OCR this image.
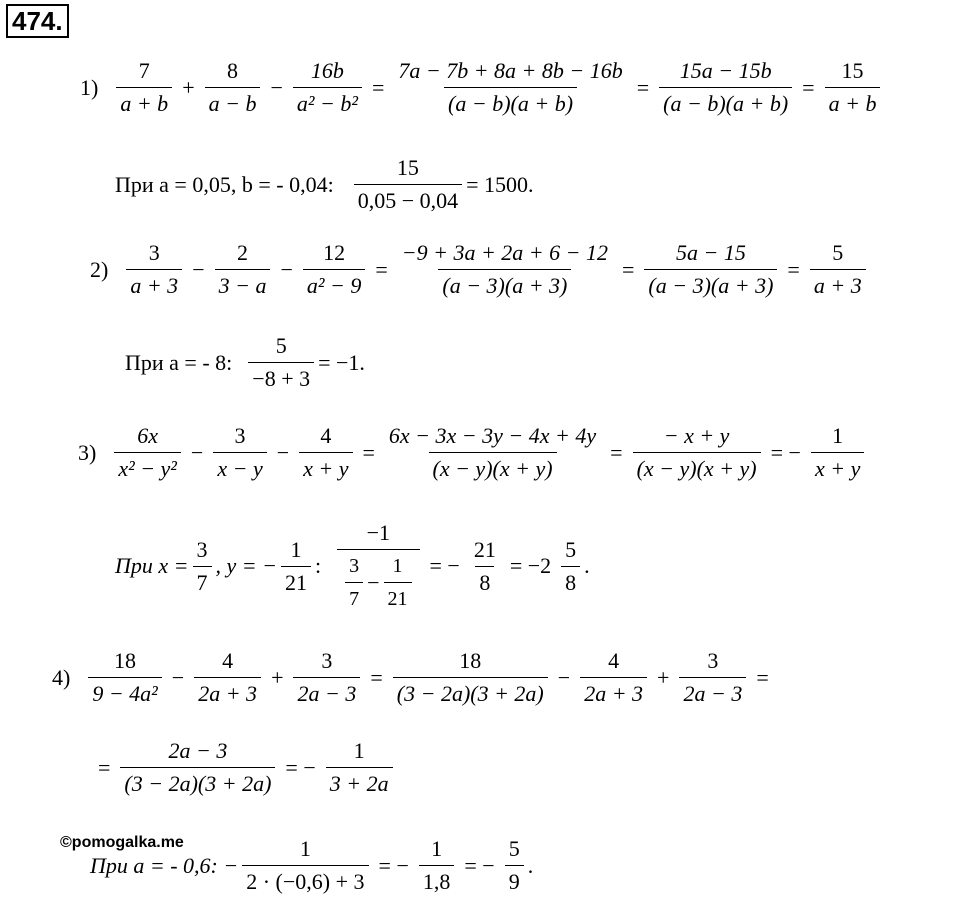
474.
$1) \frac{7}{a + b} + \frac{8}{a - b} - \frac{16b}{\text{a² − b²}} = \frac{7a - 7b + 8a + 8b - 16b}{(a - b)(a + b)} = \frac{15a - 15b}{(a - b)(a + b)} = \frac{15}{a + b}$
При a = 0,05, b = - 0,04: $\frac{15}{0,05 - 0,04} = 1500$.
$2) \frac{3}{a + 3} - \frac{2}{3 - a} - \frac{12}{\text{a² − 9}} = \frac{-9 + 3a + 2a + 6 - 12}{(a - 3)(a + 3)} = \frac{5a - 15}{(a - 3)(a + 3)} = \frac{5}{a + 3}$
При a = - 8: $\frac{5}{-8 + 3} = -1$.
$3) \frac{6x}{\text{x² − y²}} - \frac{3}{x - y} - \frac{4}{x + y} = \frac{6x - 3x - 3y - 4x + 4y}{(x - y)(x + y)} = \frac{- x + y}{(x - y)(x + y)}$ = − $\frac{1}{x + y}$
При $x = \frac{3}{7}$ , y = − $\frac{1}{21}$ : $\frac{-1}{\frac{3}{7} - \frac{1}{21}}$ = − $\frac{21}{8} = -2 \frac{5}{8}$ .
$4) \frac{18}{\text{9 − 4a²}} - \frac{4}{2a + 3} + \frac{3}{2a - 3} = \frac{18}{(3 - 2a)(3 + 2a)} - \frac{4}{2a + 3} + \frac{3}{2a - 3}$ =
= $\frac{2a - 3}{(3 - 2a)(3 + 2a)}$ = − $\frac{1}{3 + 2a}$
©pomogalka.me
При a = - 0,6: − $\frac{1}{2 \cdot (-0,6) + 3}$ = − $\frac{1}{1,8}$ = − $\frac{5}{9}$ .
